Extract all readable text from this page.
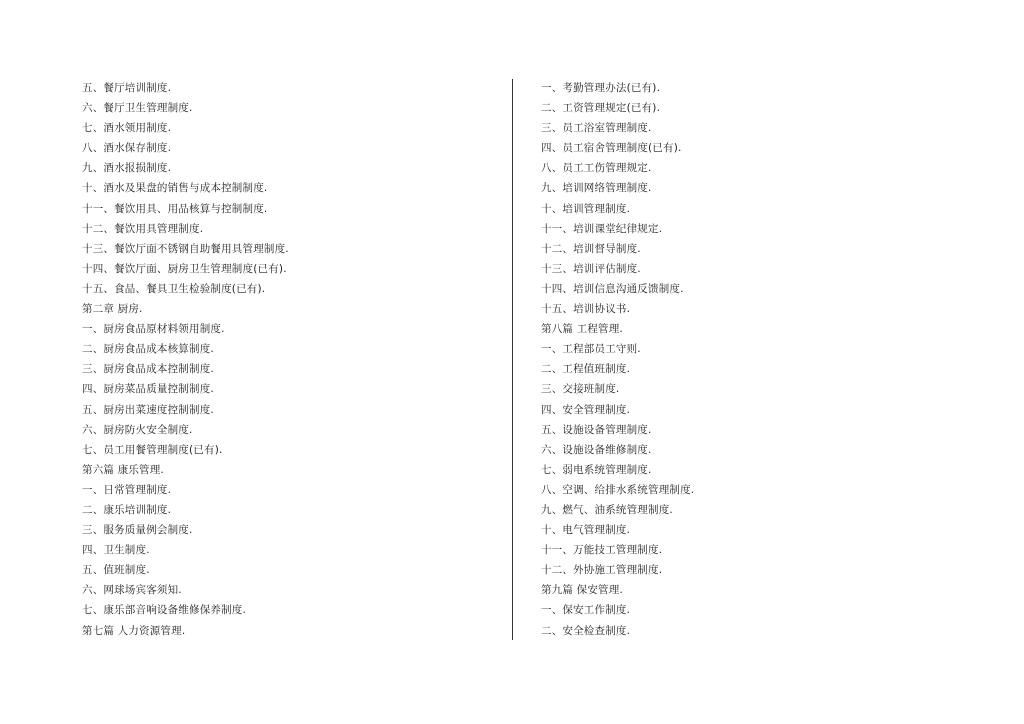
五、餐厅培训制度.
六、餐厅卫生管理制度.
七、酒水领用制度.
八、酒水保存制度.
九、酒水报损制度.
十、酒水及果盘的销售与成本控制制度.
十一、餐饮用具、用品核算与控制制度.
十二、餐饮用具管理制度.
十三、餐饮厅面不锈钢自助餐用具管理制度.
十四、餐饮厅面、厨房卫生管理制度(已有).
十五、食品、餐具卫生检验制度(已有).
第二章 厨房.
一、厨房食品原材料领用制度.
二、厨房食品成本核算制度.
三、厨房食品成本控制制度.
四、厨房菜品质量控制制度.
五、厨房出菜速度控制制度.
六、厨房防火安全制度.
七、员工用餐管理制度(已有).
第六篇 康乐管理.
一、日常管理制度.
二、康乐培训制度.
三、服务质量例会制度.
四、卫生制度.
五、值班制度.
六、网球场宾客须知.
七、康乐部音响设备维修保养制度.
第七篇 人力资源管理.
一、考勤管理办法(已有).
二、工资管理规定(已有).
三、员工浴室管理制度.
四、员工宿舍管理制度(已有).
八、员工工伤管理规定.
九、培训网络管理制度.
十、培训管理制度.
十一、培训课堂纪律规定.
十二、培训督导制度.
十三、培训评估制度.
十四、培训信息沟通反馈制度.
十五、培训协议书.
第八篇 工程管理.
一、工程部员工守则.
二、工程值班制度.
三、交接班制度.
四、安全管理制度.
五、设施设备管理制度.
六、设施设备维修制度.
七、弱电系统管理制度.
八、空调、给排水系统管理制度.
九、燃气、油系统管理制度.
十、电气管理制度.
十一、万能技工管理制度.
十二、外协施工管理制度.
第九篇 保安管理.
一、保安工作制度.
二、安全检查制度.
